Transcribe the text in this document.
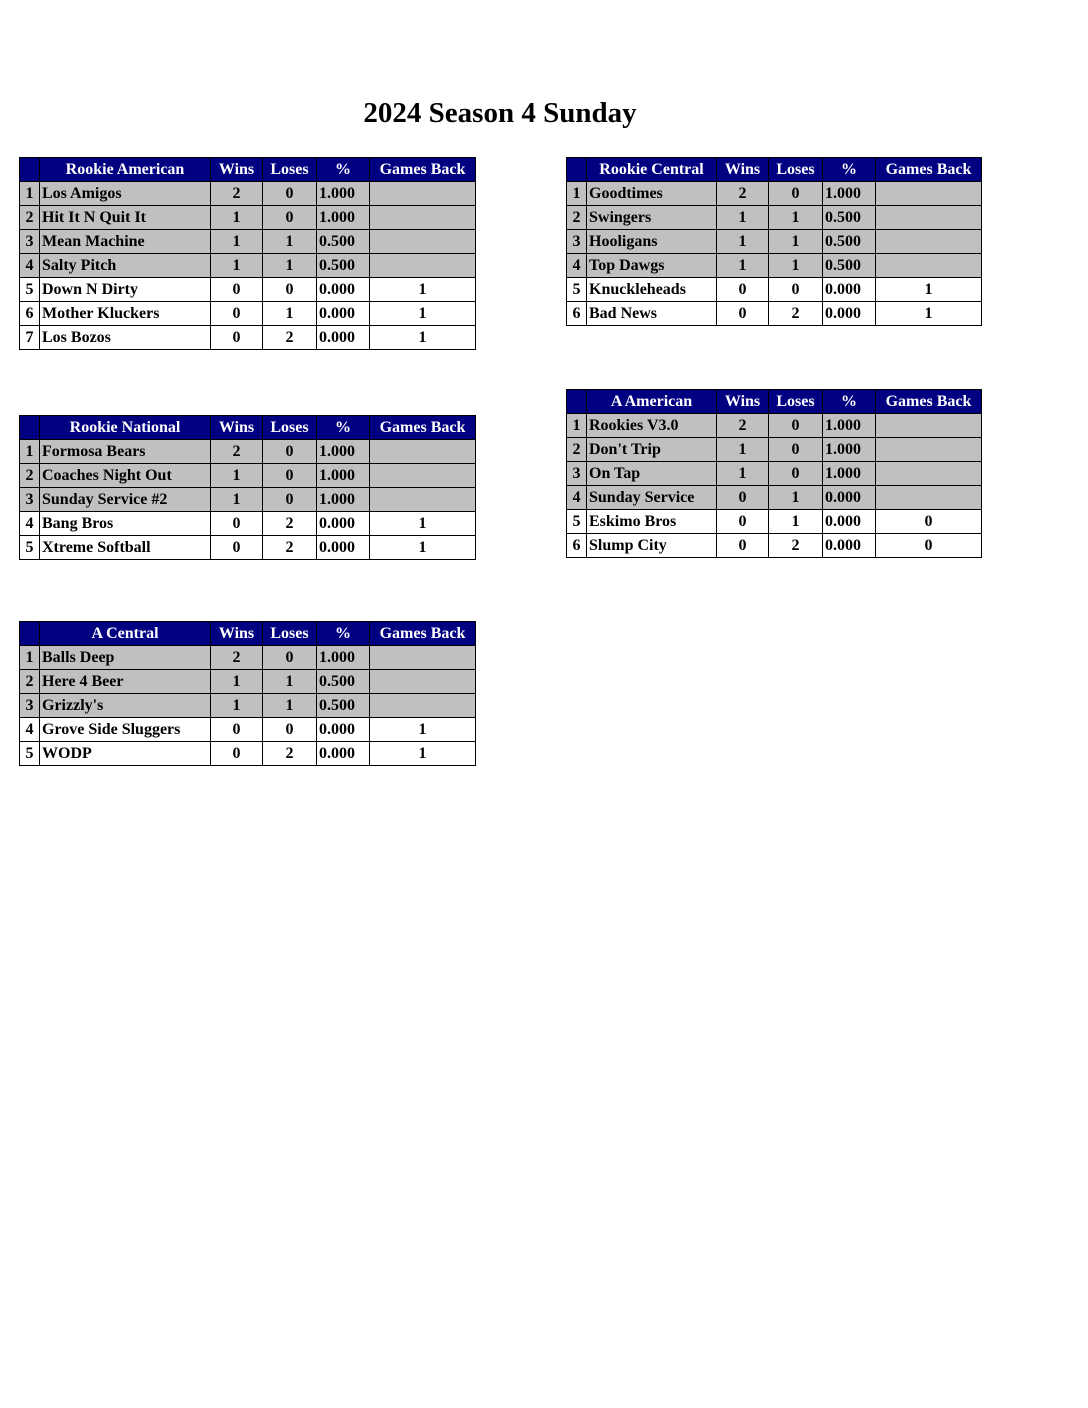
2024 Season 4 Sunday
	Rookie American	Wins	Loses	%	Games Back
1	Los Amigos	2	0	1.000	
2	Hit It N Quit It	1	0	1.000	
3	Mean Machine	1	1	0.500	
4	Salty Pitch	1	1	0.500	
5	Down N Dirty	0	0	0.000	1
6	Mother Kluckers	0	1	0.000	1
7	Los Bozos	0	2	0.000	1
	Rookie Central	Wins	Loses	%	Games Back
1	Goodtimes	2	0	1.000	
2	Swingers	1	1	0.500	
3	Hooligans	1	1	0.500	
4	Top Dawgs	1	1	0.500	
5	Knuckleheads	0	0	0.000	1
6	Bad News	0	2	0.000	1
	Rookie National	Wins	Loses	%	Games Back
1	Formosa Bears	2	0	1.000	
2	Coaches Night Out	1	0	1.000	
3	Sunday Service #2	1	0	1.000	
4	Bang Bros	0	2	0.000	1
5	Xtreme Softball	0	2	0.000	1
	A American	Wins	Loses	%	Games Back
1	Rookies V3.0	2	0	1.000	
2	Don't Trip	1	0	1.000	
3	On Tap	1	0	1.000	
4	Sunday Service	0	1	0.000	
5	Eskimo Bros	0	1	0.000	0
6	Slump City	0	2	0.000	0
	A Central	Wins	Loses	%	Games Back
1	Balls Deep	2	0	1.000	
2	Here 4 Beer	1	1	0.500	
3	Grizzly's	1	1	0.500	
4	Grove Side Sluggers	0	0	0.000	1
5	WODP	0	2	0.000	1
